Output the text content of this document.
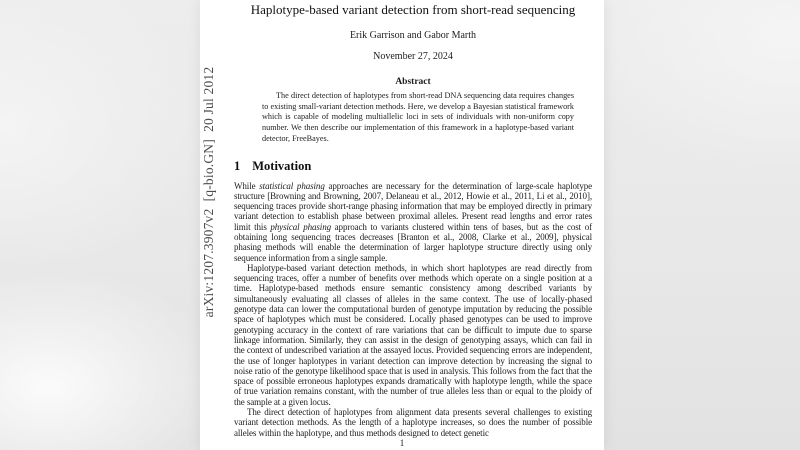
arXiv:1207.3907v2  [q-bio.GN]  20 Jul 2012
Haplotype-based variant detection from short-read sequencing
Erik Garrison and Gabor Marth
November 27, 2024
Abstract

The direct detection of haplotypes from short-read DNA sequencing data requires changes to existing small-variant detection methods. Here, we develop a Bayesian statistical framework which is capable of modeling multiallelic loci in sets of individuals with non-uniform copy number. We then describe our implementation of this framework in a haplotype-based variant detector, FreeBayes.

1 Motivation

While statistical phasing approaches are necessary for the determination of large-scale haplotype structure [Browning and Browning, 2007, Delaneau et al., 2012, Howie et al., 2011, Li et al., 2010], sequencing traces provide short-range phasing information that may be employed directly in primary variant detection to establish phase between proximal alleles. Present read lengths and error rates limit this physical phasing approach to variants clustered within tens of bases, but as the cost of obtaining long sequencing traces decreases [Branton et al., 2008, Clarke et al., 2009], physical phasing methods will enable the determination of larger haplotype structure directly using only sequence information from a single sample.

Haplotype-based variant detection methods, in which short haplotypes are read directly from sequencing traces, offer a number of benefits over methods which operate on a single position at a time. Haplotype-based methods ensure semantic consistency among described variants by simultaneously evaluating all classes of alleles in the same context. The use of locally-phased genotype data can lower the computational burden of genotype imputation by reducing the possible space of haplotypes which must be considered. Locally phased genotypes can be used to improve genotyping accuracy in the context of rare variations that can be difficult to impute due to sparse linkage information. Similarly, they can assist in the design of genotyping assays, which can fail in the context of undescribed variation at the assayed locus. Provided sequencing errors are independent, the use of longer haplotypes in variant detection can improve detection by increasing the signal to noise ratio of the genotype likelihood space that is used in analysis. This follows from the fact that the space of possible erroneous haplotypes expands dramatically with haplotype length, while the space of true variation remains constant, with the number of true alleles less than or equal to the ploidy of the sample at a given locus.

The direct detection of haplotypes from alignment data presents several challenges to existing variant detection methods. As the length of a haplotype increases, so does the number of possible alleles within the haplotype, and thus methods designed to detect genetic

1
